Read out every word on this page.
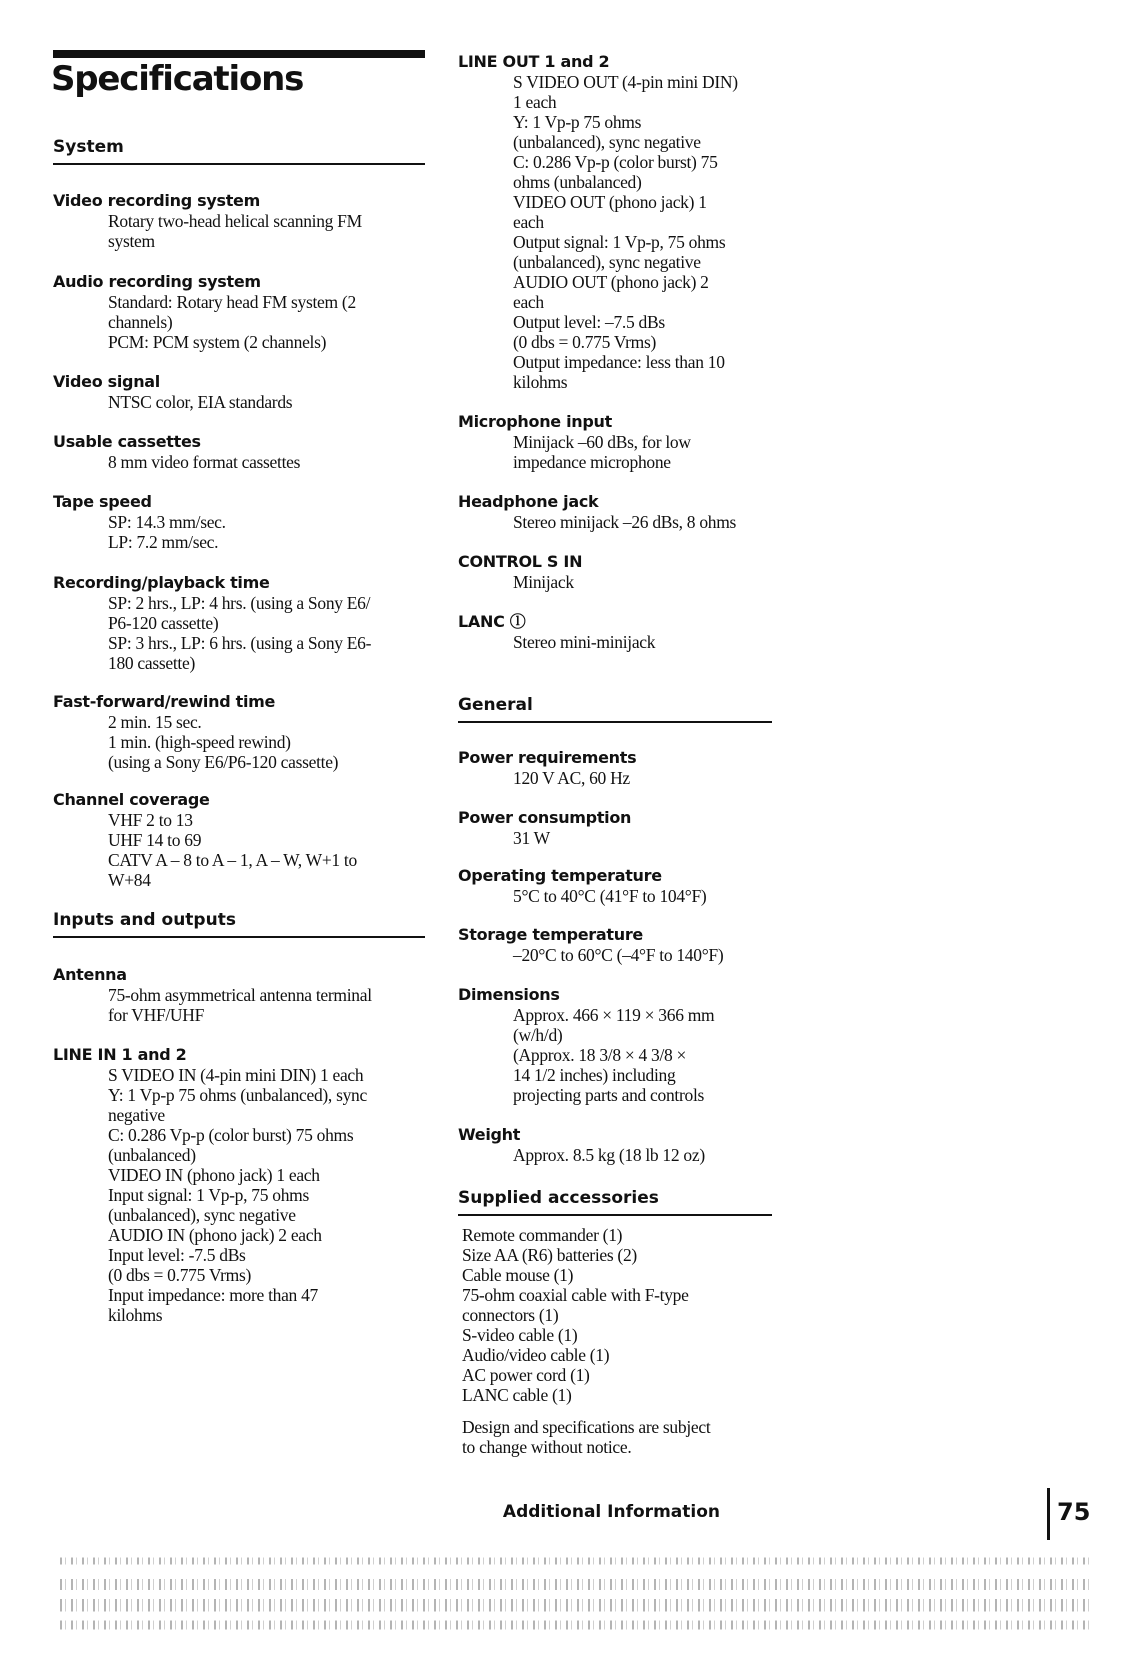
Specifications
System

Video recording system

Rotary two-head helical scanning FM
system

Audio recording system

Standard: Rotary head FM system (2
channels)
PCM: PCM system (2 channels)

Video signal

NTSC color, EIA standards

Usable cassettes

8 mm video format cassettes

Tape speed

SP: 14.3 mm/sec.
LP: 7.2 mm/sec.

Recording/playback time

SP: 2 hrs., LP: 4 hrs. (using a Sony E6/
P6-120 cassette)
SP: 3 hrs., LP: 6 hrs. (using a Sony E6-
180 cassette)

Fast-forward/rewind time

2 min. 15 sec.
1 min. (high-speed rewind)
(using a Sony E6/P6-120 cassette)

Channel coverage

VHF 2 to 13
UHF 14 to 69
CATV A – 8 to A – 1, A – W, W+1 to
W+84
Inputs and outputs

Antenna

75-ohm asymmetrical antenna terminal
for VHF/UHF

LINE IN 1 and 2

S VIDEO IN (4-pin mini DIN) 1 each
Y: 1 Vp-p 75 ohms (unbalanced), sync
negative
C: 0.286 Vp-p (color burst) 75 ohms
(unbalanced)
VIDEO IN (phono jack) 1 each
Input signal: 1 Vp-p, 75 ohms
(unbalanced), sync negative
AUDIO IN (phono jack) 2 each
Input level: -7.5 dBs
(0 dbs = 0.775 Vrms)
Input impedance: more than 47
kilohms

LINE OUT 1 and 2

S VIDEO OUT (4-pin mini DIN)
1 each
Y: 1 Vp-p 75 ohms
(unbalanced), sync negative
C: 0.286 Vp-p (color burst) 75
ohms (unbalanced)
VIDEO OUT (phono jack) 1
each
Output signal: 1 Vp-p, 75 ohms
(unbalanced), sync negative
AUDIO OUT (phono jack) 2
each
Output level: –7.5 dBs
(0 dbs = 0.775 Vrms)
Output impedance: less than 10
kilohms

Microphone input

Minijack –60 dBs, for low
impedance microphone

Headphone jack

Stereo minijack –26 dBs, 8 ohms

CONTROL S IN

Minijack

LANC ⓛ

Stereo mini-minijack
General

Power requirements

120 V AC, 60 Hz

Power consumption

31 W

Operating temperature

5°C to 40°C (41°F to 104°F)

Storage temperature

–20°C to 60°C (–4°F to 140°F)

Dimensions

Approx. 466 × 119 × 366 mm
(w/h/d)
(Approx. 18 3/8 × 4 3/8 ×
14 1/2 inches) including
projecting parts and controls

Weight

Approx. 8.5 kg (18 lb 12 oz)
Supplied accessories
Remote commander (1)
Size AA (R6) batteries (2)
Cable mouse (1)
75-ohm coaxial cable with F-type
connectors (1)
S-video cable (1)
Audio/video cable (1)
AC power cord (1)
LANC cable (1)

Design and specifications are subject
to change without notice.

Additional Information	75
